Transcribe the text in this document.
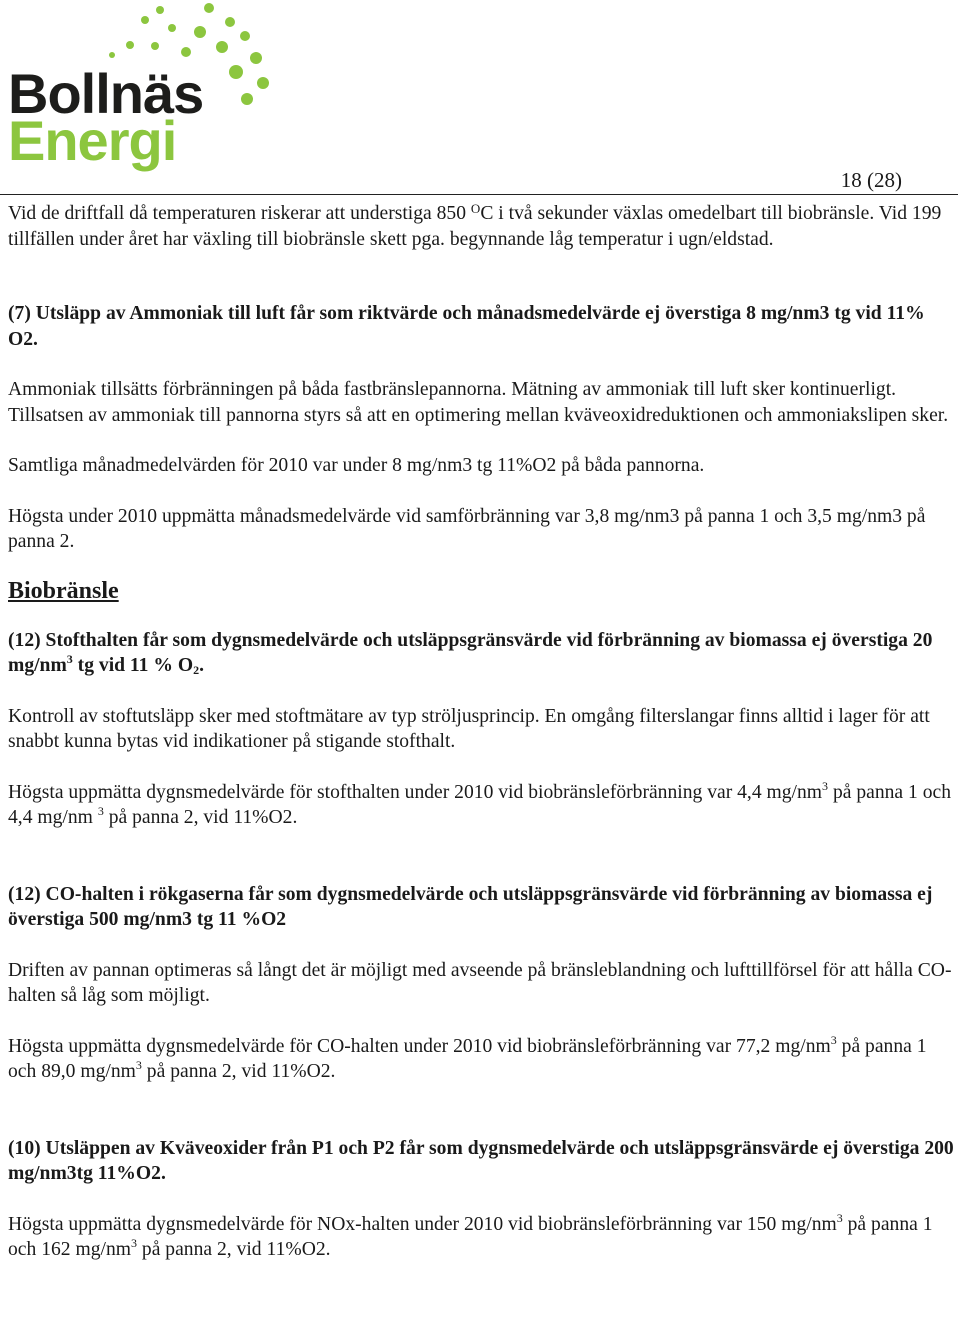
Bollnäs
Energi
18 (28)

Vid de driftfall då temperaturen riskerar att understiga 850 $^O$C i två sekunder växlas omedelbart till biobränsle. Vid 199 tillfällen under året har växling till biobränsle skett pga. begynnande låg temperatur i ugn/eldstad.

(7) Utsläpp av Ammoniak till luft får som riktvärde och månadsmedelvärde ej överstiga 8 mg/nm3 tg vid 11% O2.

Ammoniak tillsätts förbränningen på båda fastbränslepannorna. Mätning av ammoniak till luft sker kontinuerligt. Tillsatsen av ammoniak till pannorna styrs så att en optimering mellan kväveoxidreduktionen och ammoniakslipen sker.

Samtliga månadmedelvärden för 2010 var under 8 mg/nm3 tg 11%O2 på båda pannorna.

Högsta under 2010 uppmätta månadsmedelvärde vid samförbränning var 3,8 mg/nm3 på panna 1 och 3,5 mg/nm3 på panna 2.

Biobränsle

(12) Stofthalten får som dygnsmedelvärde och utsläppsgränsvärde vid förbränning av biomassa ej överstiga 20 $mg/nm^3$ tg vid 11 % $O_2$.

Kontroll av stoftutsläpp sker med stoftmätare av typ ströljusprincip. En omgång filterslangar finns alltid i lager för att snabbt kunna bytas vid indikationer på stigande stofthalt.

Högsta uppmätta dygnsmedelvärde för stofthalten under 2010 vid biobränsleförbränning var 4,4 $mg/nm^3$ på panna 1 och 4,4 mg/nm $^3$ på panna 2, vid 11%O2.

(12) CO-halten i rökgaserna får som dygnsmedelvärde och utsläppsgränsvärde vid förbränning av biomassa ej överstiga 500 mg/nm3 tg 11 %O2

Driften av pannan optimeras så långt det är möjligt med avseende på bränsleblandning och lufttillförsel för att hålla CO-halten så låg som möjligt.

Högsta uppmätta dygnsmedelvärde för CO-halten under 2010 vid biobränsleförbränning var 77,2 $mg/nm^3$ på panna 1 och 89,0 $mg/nm^3$ på panna 2, vid 11%O2.

(10) Utsläppen av Kväveoxider från P1 och P2 får som dygnsmedelvärde och utsläppsgränsvärde ej överstiga 200 mg/nm3tg 11%O2.

Högsta uppmätta dygnsmedelvärde för NOx-halten under 2010 vid biobränsleförbränning var 150 $mg/nm^3$ på panna 1 och 162 $mg/nm^3$ på panna 2, vid 11%O2.
